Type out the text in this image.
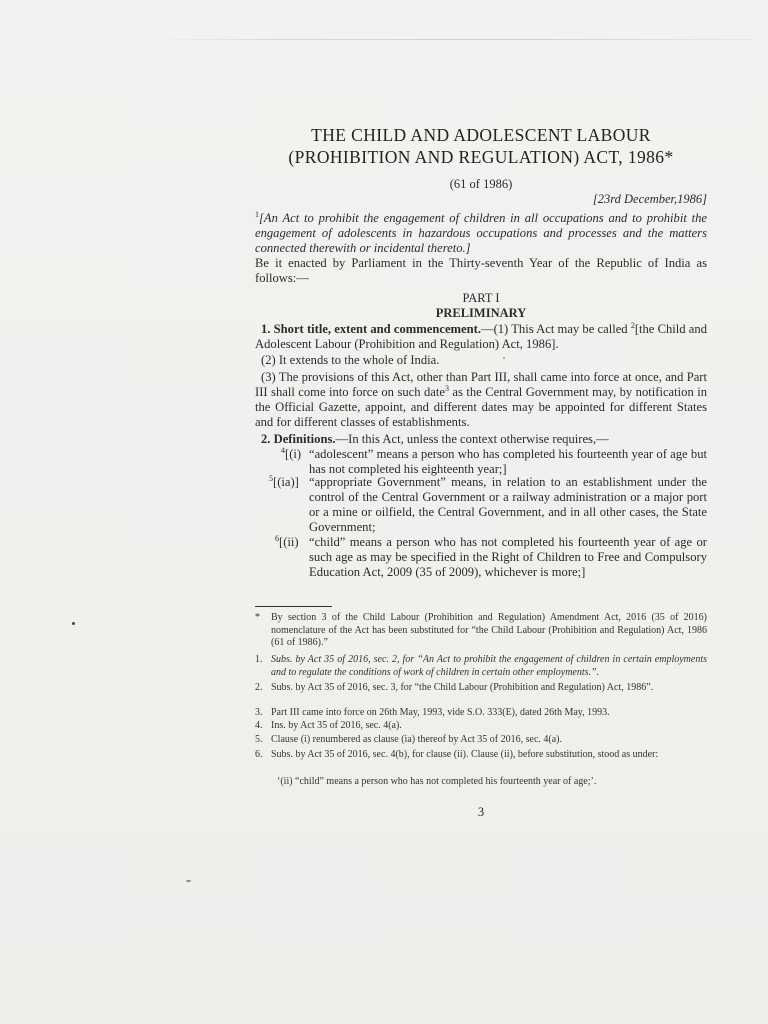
THE CHILD AND ADOLESCENT LABOUR
(PROHIBITION AND REGULATION) ACT, 1986*
(61 of 1986)
[23rd December,1986]
$^1$[An Act to prohibit the engagement of children in all occupations and to prohibit the engagement of adolescents in hazardous occupations and processes and the matters connected therewith or incidental thereto.]
Be it enacted by Parliament in the Thirty-seventh Year of the Republic of India as follows:—
PART I
PRELIMINARY
1. Short title, extent and commencement.—(1) This Act may be called $^2$[the Child and Adolescent Labour (Prohibition and Regulation) Act, 1986].
(2) It extends to the whole of India.
(3) The provisions of this Act, other than Part III, shall came into force at once, and Part III shall come into force on such date$^3$ as the Central Government may, by notification in the Official Gazette, appoint, and different dates may be appointed for different States and for different classes of establishments.
2. Definitions.—In this Act, unless the context otherwise requires,—
$^4$[(i) “adolescent” means a person who has completed his fourteenth year of age but has not completed his eighteenth year;]
$^5$[(ia)] “appropriate Government” means, in relation to an establishment under the control of the Central Government or a railway administration or a major port or a mine or oilfield, the Central Government, and in all other cases, the State Government;
$^6$[(ii) “child” means a person who has not completed his fourteenth year of age or such age as may be specified in the Right of Children to Free and Compulsory Education Act, 2009 (35 of 2009), whichever is more;]
* By section 3 of the Child Labour (Prohibition and Regulation) Amendment Act, 2016 (35 of 2016) nomenclature of the Act has been substituted for “the Child Labour (Prohibition and Regulation) Act, 1986 (61 of 1986).”
1. Subs. by Act 35 of 2016, sec. 2, for “An Act to prohibit the engagement of children in certain employments and to regulate the conditions of work of children in certain other employments.”.
2. Subs. by Act 35 of 2016, sec. 3, for “the Child Labour (Prohibition and Regulation) Act, 1986”.
3. Part III came into force on 26th May, 1993, vide S.O. 333(E), dated 26th May, 1993.
4. Ins. by Act 35 of 2016, sec. 4(a).
5. Clause (i) renumbered as clause (ia) thereof by Act 35 of 2016, sec. 4(a).
6. Subs. by Act 35 of 2016, sec. 4(b), for clause (ii). Clause (ii), before substitution, stood as under:
‘(ii) “child” means a person who has not completed his fourteenth year of age;’.
3
